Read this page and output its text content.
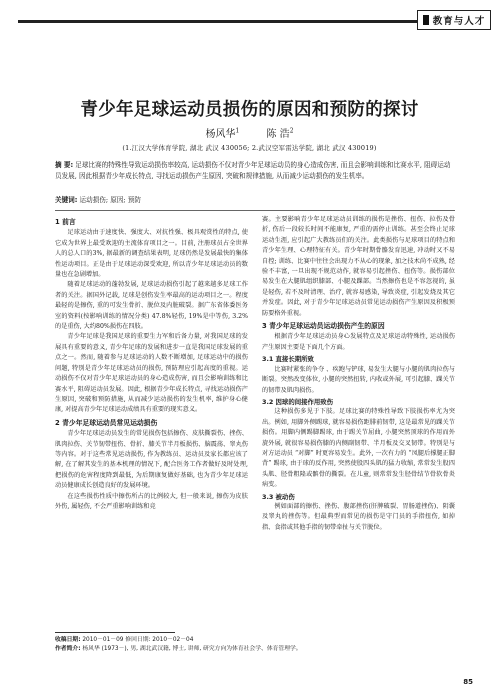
教育与人才
青少年足球运动员损伤的原因和预防的探讨
杨风华$^1$	陈 浩$^2$
(1.江汉大学体育学院, 湖北 武汉 430056; 2.武汉空军雷达学院, 湖北 武汉 430019)
摘 要: 足球比赛的特殊性导致运动损伤率较高, 运动损伤不仅对青少年足球运动员的身心造成伤害, 而且会影响训练和比赛水平, 阻碍运动员发展, 因此根据青少年成长特点, 寻找运动损伤产生原因, 突破和规律措施, 从而减少运动损伤的发生机率。
关键词: 运动损伤; 原因; 预防
1 前言

足球运动由于速度快、强度大、对抗性强、极具观赏性的特点, 使它成为世界上最受欢迎的主流体育项目之一。目前, 注册球员占全世界人的总人口的3%, 据最新的调查结果表明, 足球仍然是发展最快的集体性运动项目。正是由于足球运动深受欢迎, 所以青少年足球运动员的数量也在急剧增加。

随着足球运动的蓬勃发展, 足球运动损伤引起了越来越多足球工作者的关注。据国外记载, 足球是创伤发生率最高的运动项目之一。程度最轻的是擦伤, 重的可发生骨折、脱位及内脏破裂。据广东省体委医务室的资料(按影响训练的情况分类) 47.8%轻伤, 19%是中等伤, 3.2%的是重伤, 大约80%损伤在四肢。

青少年足球是我国足球的重要生力军和后备力量, 对我国足球的发展具有重要的意义, 青少年足球的发展和进步一直是我国足球发展的重点之一。然而, 随着参与足球运动的人数不断增加, 足球运动中的损伤问题, 特别是青少年足球运动员的损伤, 预防理应引起高度的重视。运动损伤不仅对青少年足球运动员的身心造成伤害, 而且会影响训练和比赛水平, 阻碍运动员发展。因此, 根据青少年成长特点, 寻找运动损伤产生原因, 突破和预防措施, 从而减少运动损伤的发生机率, 维护身心健康, 对提高青少年足球运动成绩具有重要的现实意义。

2 青少年足球运动员常见运动损伤

青少年足球运动员发生的常见损伤包括擦伤、皮肤撕裂伤、挫伤、肌肉拉伤、关节韧带扭伤、骨折、膝关节半月板损伤、脑震荡、睾丸伤等内容。对于这些常见运动损伤, 作为教练员、运动员及家长都应该了解, 在了解其发生的基本机理的情况下, 配合医务工作者做好及时处理, 把损伤的危害程度降到最低, 为后期康复做好基础, 也为青少年足球运动员健康成长创造良好的发展环境。

在这些损伤性质中擦伤所占的比例较大, 但一般来说, 擦伤为皮肤外伤, 属轻伤, 不会严重影响训练和竞

赛。主要影响青少年足球运动员训练的损伤是挫伤、扭伤、拉伤及骨折, 伤后一段较长时间不能康复, 严重的需停止训练。甚至会终止足球运动生涯, 应引起广大教练员们的关注。此类损伤与足球项目的特点和青少年生理、心理特征有关。青少年时期骨骼发育迅速, 冲动时又不易自控; 训练、比赛中往往会出现力不从心的现象, 加之技术尚不成熟, 经验不丰富, 一旦出现不规范动作, 就容易引起挫伤、扭伤等。损伤部位易发生在大腿肌组织膝部、小腿及踝部。当然擦伤也是不容忽视的, 虽是轻伤, 若不及时清理、治疗, 就容易感染, 导致炎症, 引起发烧及其它并发症。因此, 对于青少年足球运动员常见运动损伤产生原因及积极预防要格外重视。

3 青少年足球运动员运动损伤产生的原因

根据青少年足球运动员身心发展特点及足球运动特殊性, 运动损伤产生原因主要是下面几个方面。

3.1 直接长期所致

比赛时紧张的争夺 、疾跑与铲球, 易发生大腿与小腿的肌肉拉伤与断裂。突然改变体位, 小腿的突然扭转, 内收或外展, 可引起膝、踝关节的韧带及肌肉损伤。

3.2 因球的间接作用致伤

这种损伤多见于下肢。足球比赛的特殊性导致下肢损伤率尤为突出。例如, 用脚外侧踢球, 就容易损伤距腓前韧带, 这是最常见的踝关节损伤。用脚内侧踢脚踢球, 由于踢关节屈曲, 小腿突然顶球的作用而外旋外展, 就很容易损伤膝的内侧副韧带、半月板及交叉韧带。特别是与对方运动员 “对脚” 时更容易发生。此外, 一次有力的 “凤腿后撑腿正脚背” 踢球, 由于球的反作用, 突然使股四头肌的猛力收缩, 常常发生股四头肌、胫骨粗隆或髌骨的撕裂。在儿童, 则常常发生胫骨结节骨软骨炎病变。

3.3 被动伤

例如面部的擦伤、挫伤、腹部挫伤(肝脾破裂、胃肠道挫伤)、阴囊及睾丸的挫伤等。但最典型而常见的损伤是守门员的手指扭伤, 如掉指、食指或其他手指的韧带牵扯与关节脱位。

收稿日期: 2010－01－09 修回日期: 2010－02－04
作者简介: 杨风华 (1973－), 男, 湖北武汉籍, 博士, 讲师, 研究方向为体育社会学、体育管理学。
85
